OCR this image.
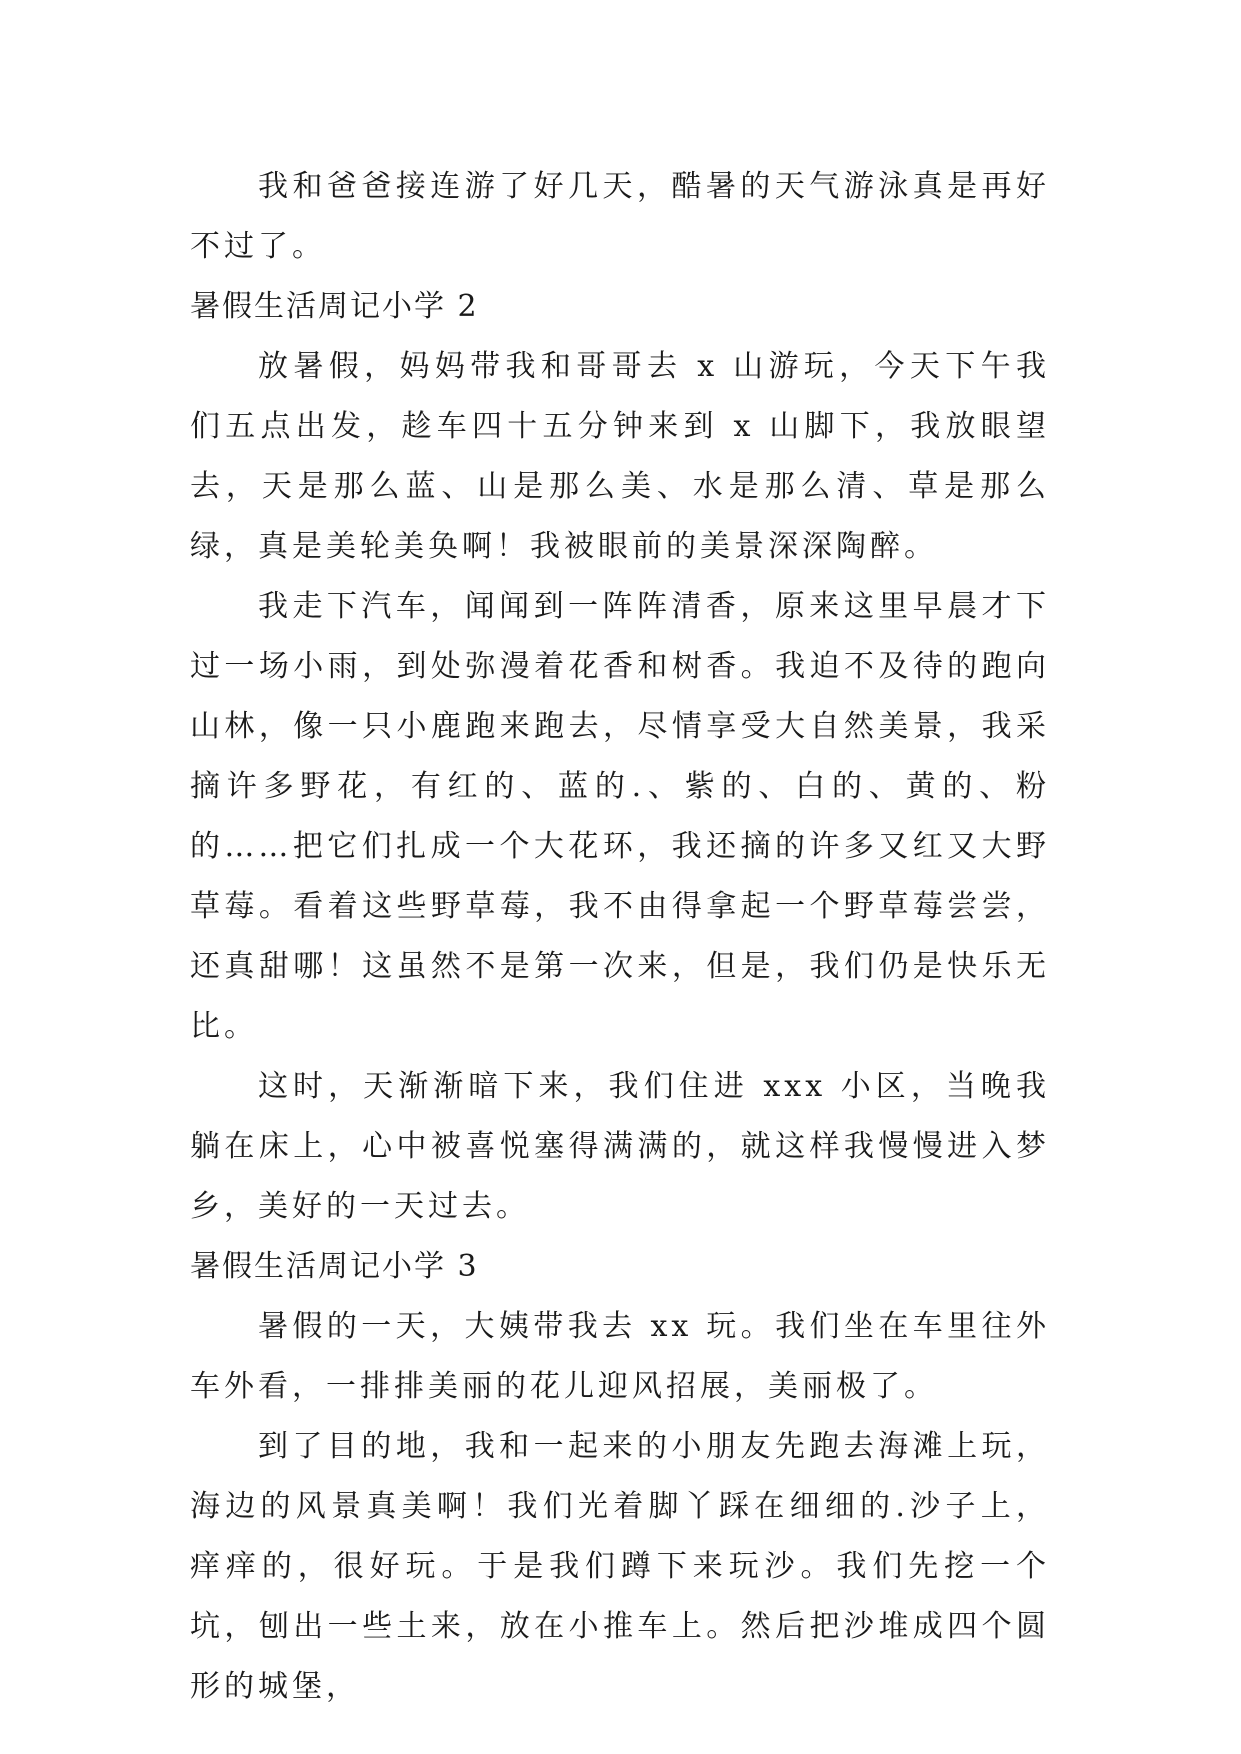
我和爸爸接连游了好几天，酷暑的天气游泳真是再好不过了。

暑假生活周记小学 2

放暑假，妈妈带我和哥哥去 x 山游玩，今天下午我们五点出发，趁车四十五分钟来到 x 山脚下，我放眼望去，天是那么蓝、山是那么美、水是那么清、草是那么绿，真是美轮美奂啊！我被眼前的美景深深陶醉。

我走下汽车，闻闻到一阵阵清香，原来这里早晨才下过一场小雨，到处弥漫着花香和树香。我迫不及待的跑向山林，像一只小鹿跑来跑去，尽情享受大自然美景，我采摘许多野花，有红的、蓝的.、紫的、白的、黄的、粉的……把它们扎成一个大花环，我还摘的许多又红又大野草莓。看着这些野草莓，我不由得拿起一个野草莓尝尝，还真甜哪！这虽然不是第一次来，但是，我们仍是快乐无比。

这时，天渐渐暗下来，我们住进 xxx 小区，当晚我躺在床上，心中被喜悦塞得满满的，就这样我慢慢进入梦乡，美好的一天过去。

暑假生活周记小学 3

暑假的一天，大姨带我去 xx 玩。我们坐在车里往外车外看，一排排美丽的花儿迎风招展，美丽极了。

到了目的地，我和一起来的小朋友先跑去海滩上玩，海边的风景真美啊！我们光着脚丫踩在细细的.沙子上，痒痒的，很好玩。于是我们蹲下来玩沙。我们先挖一个坑，刨出一些土来，放在小推车上。然后把沙堆成四个圆形的城堡，
